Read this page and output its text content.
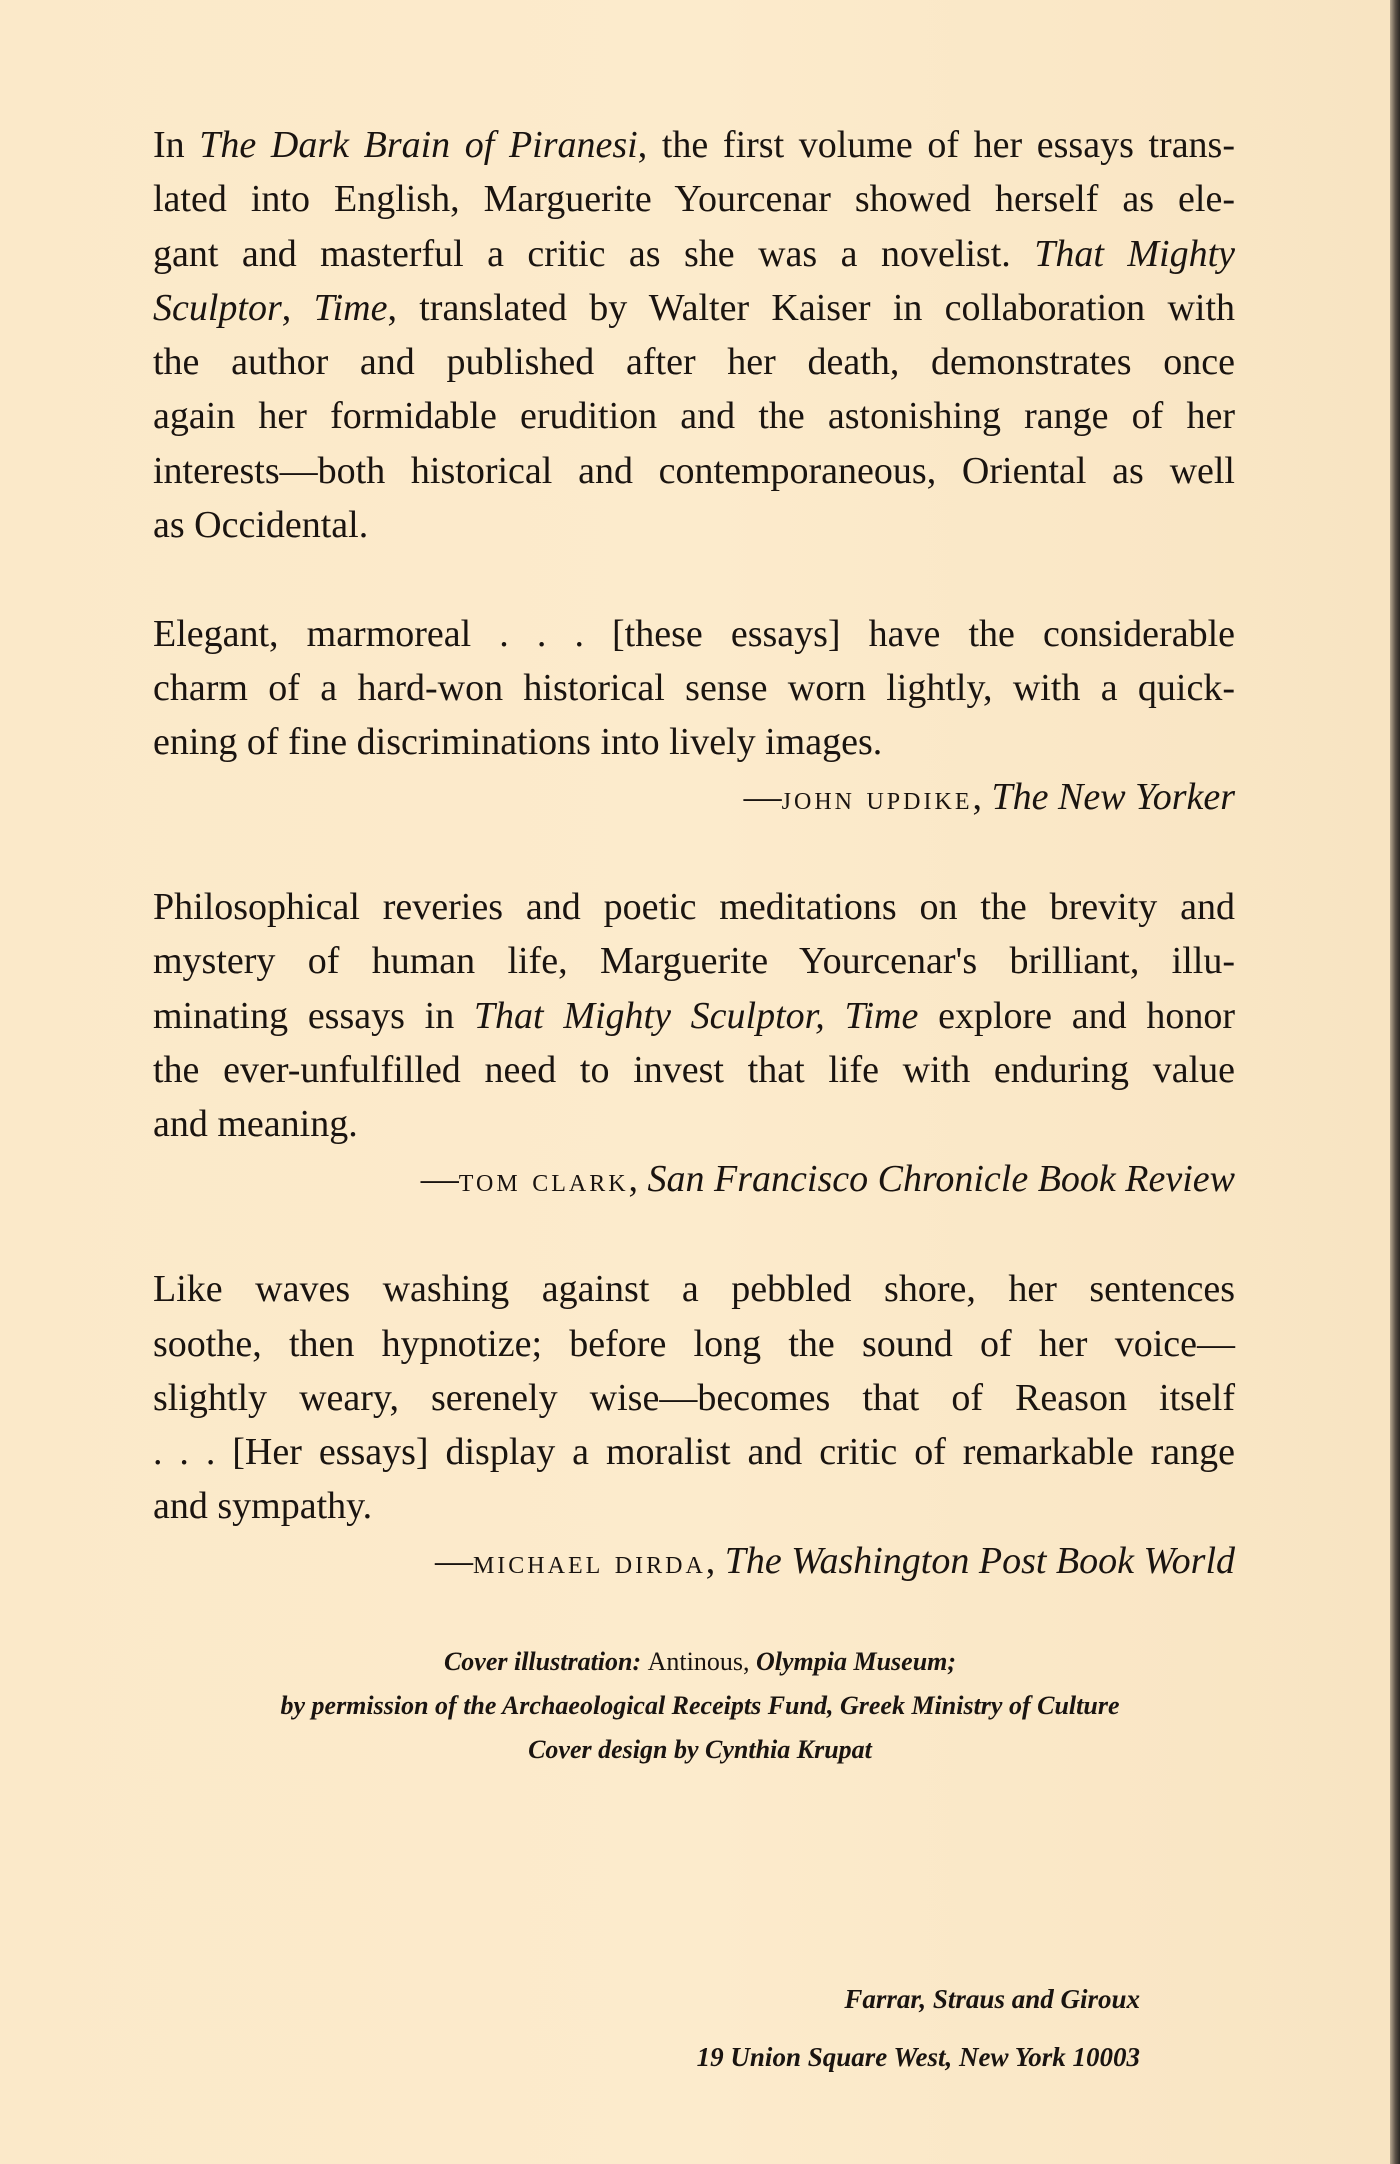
In The Dark Brain of Piranesi, the first volume of her essays trans-
lated into English, Marguerite Yourcenar showed herself as ele-
gant and masterful a critic as she was a novelist. That Mighty
Sculptor, Time, translated by Walter Kaiser in collaboration with
the author and published after her death, demonstrates once
again her formidable erudition and the astonishing range of her
interests—both historical and contemporaneous, Oriental as well
as Occidental.
Elegant, marmoreal . . . [these essays] have the considerable
charm of a hard-won historical sense worn lightly, with a quick-
ening of fine discriminations into lively images.

—john updike, The New Yorker

Philosophical reveries and poetic meditations on the brevity and
mystery of human life, Marguerite Yourcenar's brilliant, illu-
minating essays in That Mighty Sculptor, Time explore and honor
the ever-unfulfilled need to invest that life with enduring value
and meaning.

—tom clark, San Francisco Chronicle Book Review

Like waves washing against a pebbled shore, her sentences
soothe, then hypnotize; before long the sound of her voice—
slightly weary, serenely wise—becomes that of Reason itself
. . . [Her essays] display a moralist and critic of remarkable range
and sympathy.

—michael dirda, The Washington Post Book World

Cover illustration: Antinous, Olympia Museum;
by permission of the Archaeological Receipts Fund, Greek Ministry of Culture
Cover design by Cynthia Krupat
Farrar, Straus and Giroux
19 Union Square West, New York 10003
